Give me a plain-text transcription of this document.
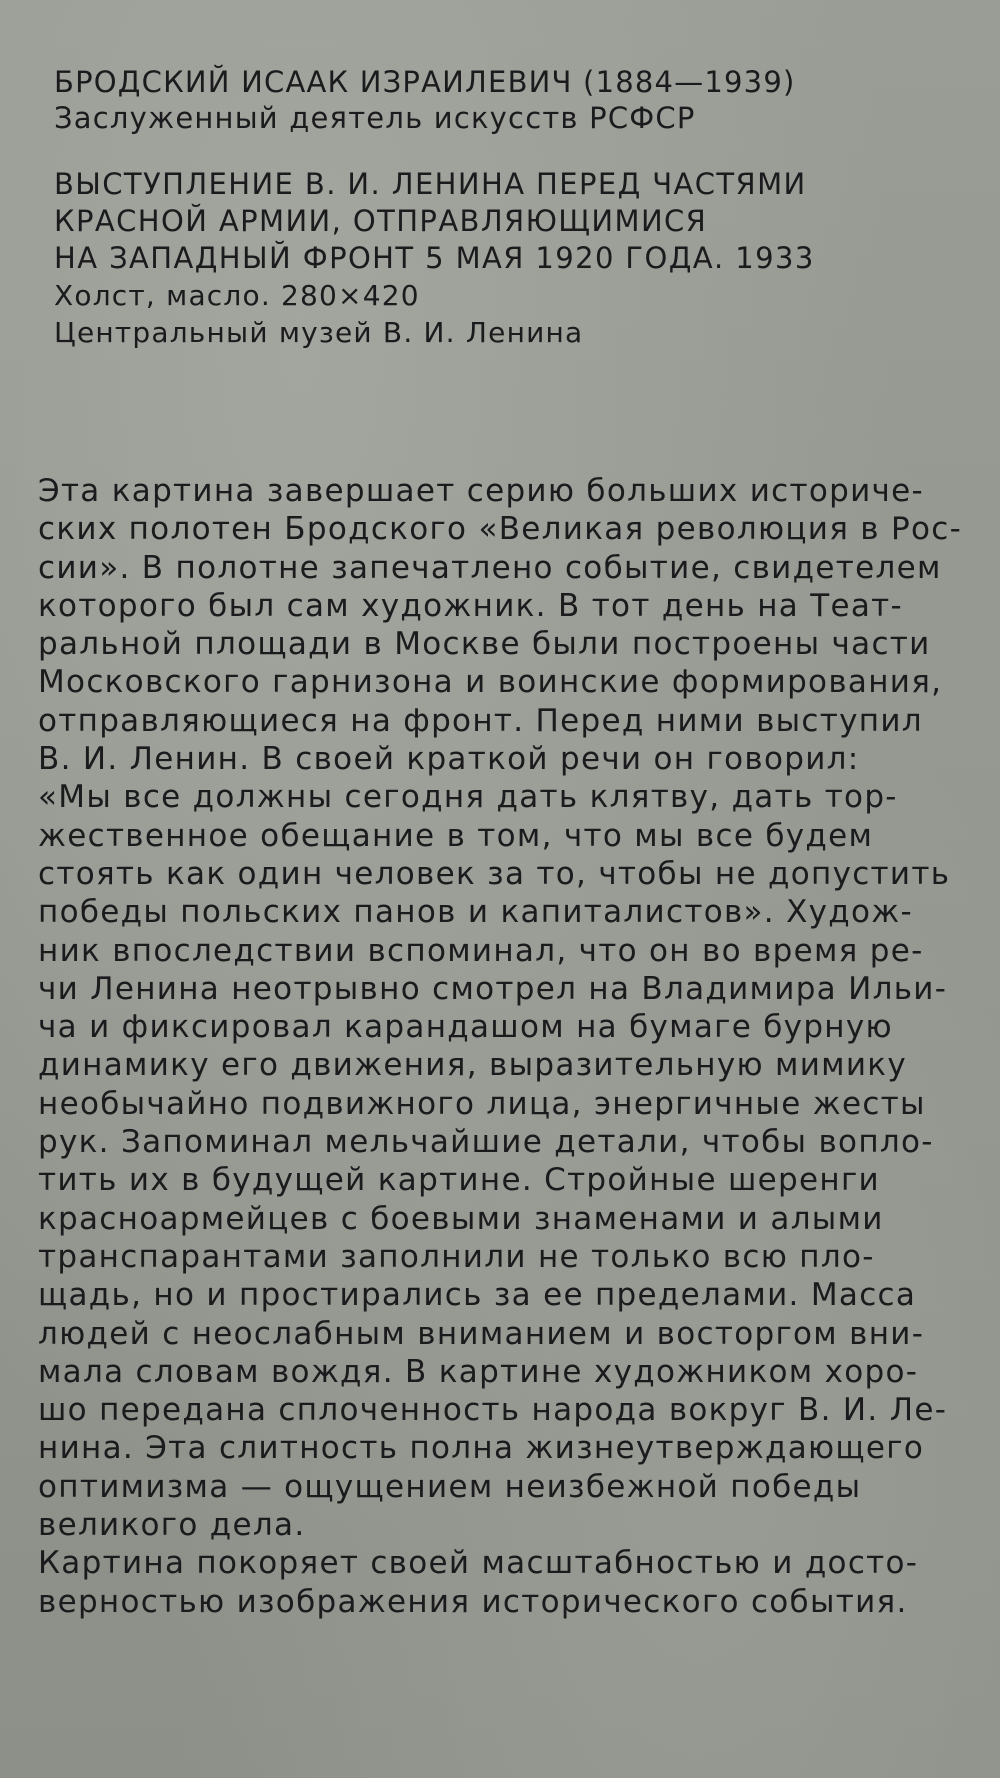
БРОДСКИЙ ИСААК ИЗРАИЛЕВИЧ (1884—1939)
Заслуженный деятель искусств РСФСР
ВЫСТУПЛЕНИЕ В. И. ЛЕНИНА ПЕРЕД ЧАСТЯМИ
КРАСНОЙ АРМИИ, ОТПРАВЛЯЮЩИМИСЯ
НА ЗАПАДНЫЙ ФРОНТ 5 МАЯ 1920 ГОДА. 1933
Холст, масло. 280×420
Центральный музей В. И. Ленина
Эта картина завершает серию больших историче-
ских полотен Бродского «Великая революция в Рос-
сии». В полотне запечатлено событие, свидетелем
которого был сам художник. В тот день на Теат-
ральной площади в Москве были построены части
Московского гарнизона и воинские формирования,
отправляющиеся на фронт. Перед ними выступил
В. И. Ленин. В своей краткой речи он говорил:
«Мы все должны сегодня дать клятву, дать тор-
жественное обещание в том, что мы все будем
стоять как один человек за то, чтобы не допустить
победы польских панов и капиталистов». Худож-
ник впоследствии вспоминал, что он во время ре-
чи Ленина неотрывно смотрел на Владимира Ильи-
ча и фиксировал карандашом на бумаге бурную
динамику его движения, выразительную мимику
необычайно подвижного лица, энергичные жесты
рук. Запоминал мельчайшие детали, чтобы вопло-
тить их в будущей картине. Стройные шеренги
красноармейцев с боевыми знаменами и алыми
транспарантами заполнили не только всю пло-
щадь, но и простирались за ее пределами. Масса
людей с неослабным вниманием и восторгом вни-
мала словам вождя. В картине художником хоро-
шо передана сплоченность народа вокруг В. И. Ле-
нина. Эта слитность полна жизнеутверждающего
оптимизма — ощущением неизбежной победы
великого дела.
Картина покоряет своей масштабностью и досто-
верностью изображения исторического события.
